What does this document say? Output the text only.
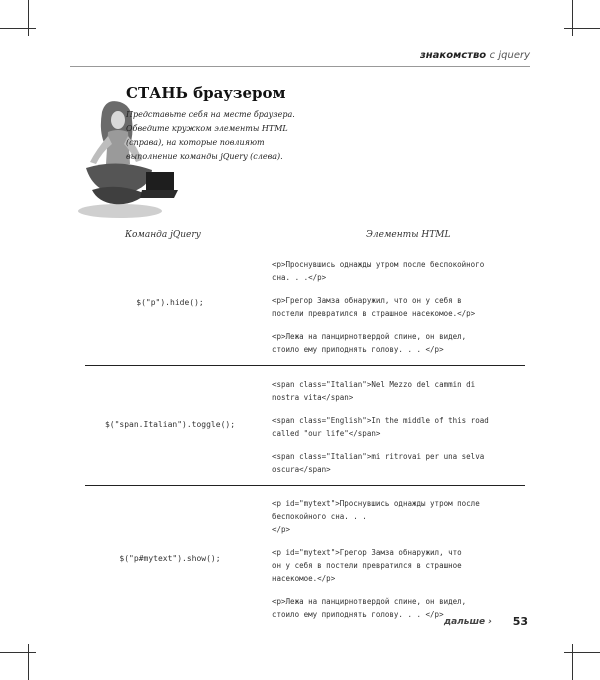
знакомство с jquery
СТАНЬ браузером
Представьте себя на месте браузера. Обведите кружком элементы HTML (справа), на которые повлияют выполнение команды jQuery (слева).
Команда jQuery	Элементы HTML
$("p").hide();

<p>Проснувшись однажды утром после беспокойного
сна. . .</p>

<p>Грегор Замза обнаружил, что он у себя в
постели превратился в страшное насекомое.</p>

<p>Лежа на панцирнотвердой спине, он видел,
стоило ему приподнять голову. . . </p>

$("span.Italian").toggle();

<span class="Italian">Nel Mezzo del cammin di
nostra vita</span>

<span class="English">In the middle of this road
called "our life"</span>

<span class="Italian">mi ritrovai per una selva
oscura</span>

$("p#mytext").show();

<p id="mytext">Проснувшись однажды утром после
беспокойного сна. . .
</p>

<p id="mytext">Грегор Замза обнаружил, что
он у себя в постели превратился в страшное
насекомое.</p>

<p>Лежа на панцирнотвердой спине, он видел,
стоило ему приподнять голову. . . </p>

дальше › 53
